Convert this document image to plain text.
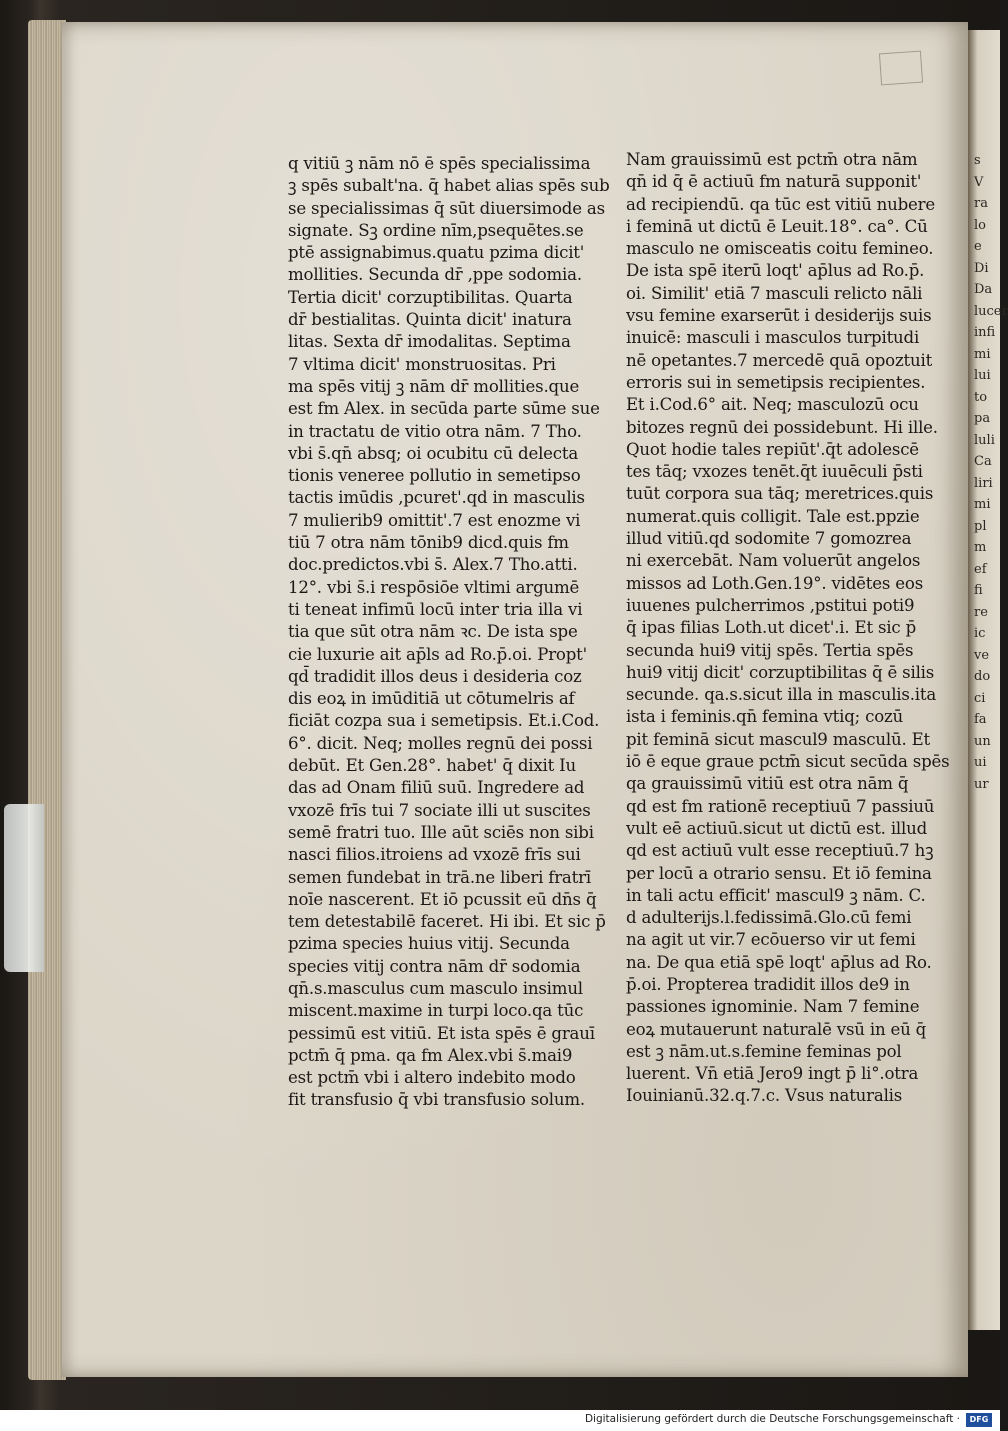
q vitiū ꝫ nām nō ē spēs specialissima
ꝫ spēs subalt'na. q̄ habet alias spēs sub
se specialissimas q̄ sūt diuersimode as
signate. Sꝫ ordine nīm,psequētes.se
ptē assignabimus.quatu pzima dicit'
mollities. Secunda dr̄ ,ppe sodomia.
Tertia dicit' corzuptibilitas. Quarta
dr̄ bestialitas. Quinta dicit' inatura
litas. Sexta dr̄ imodalitas. Septima
7 vltima dicit' monstruositas. Pri
ma spēs vitij ꝫ nām dr̄ mollities.que
est fm Alex. in secūda parte sūme sue
in tractatu de vitio otra nām. 7 Tho.
vbi s̄.qn̄ absq; oi ocubitu cū delecta
tionis veneree pollutio in semetipso
tactis imūdis ,pcuret'.qd in masculis
7 mulierib9 omittit'.7 est enozme vi
tiū 7 otra nām tōnib9 dicd.quis fm
doc.predictos.vbi s̄. Alex.7 Tho.atti.
12°. vbi s̄.i respōsiōe vltimi argumē
ti teneat infimū locū inter tria illa vi
tia que sūt otra nām ꝛc. De ista spe
cie luxurie ait ap̄ls ad Ro.p̄.oi. Propt'
qd̄ tradidit illos deus i desideria coz
dis eoꝝ in imūditiā ut cōtumelris af
ficiāt cozpa sua i semetipsis. Et.i.Cod.
6°. dicit. Neq; molles regnū dei possi
debūt. Et Gen.28°. habet' q̄ dixit Iu
das ad Onam filiū suū. Ingredere ad
vxozē frīs tui 7 sociate illi ut suscites
semē fratri tuo. Ille aūt sciēs non sibi
nasci filios.itroiens ad vxozē frīs sui
semen fundebat in trā.ne liberi fratrī
noīe nascerent. Et iō pcussit eū dn̄s q̄
tem detestabilē faceret. Hi ibi. Et sic p̄
pzima species huius vitij. Secunda
species vitij contra nām dr̄ sodomia
qn̄.s.masculus cum masculo insimul
miscent.maxime in turpi loco.qa tūc
pessimū est vitiū. Et ista spēs ē grauī
pctm̄ q̄ pma. qa fm Alex.vbi s̄.mai9
est pctm̄ vbi i altero indebito modo
fit transfusio q̄ vbi transfusio solum.
Nam grauissimū est pctm̄ otra nām
qn̄ id q̄ ē actiuū fm naturā supponit'
ad recipiendū. qa tūc est vitiū nubere
i feminā ut dictū ē Leuit.18°. ca°. Cū
masculo ne omisceatis coitu femineo.
De ista spē iterū loqt' ap̄lus ad Ro.p̄.
oi. Similit' etiā 7 masculi relicto nāli
vsu femine exarserūt i desiderijs suis
inuicē: masculi i masculos turpitudi
nē opetantes.7 mercedē quā opoztuit
erroris sui in semetipsis recipientes.
Et i.Cod.6° ait. Neq; masculozū ocu
bitozes regnū dei possidebunt. Hi ille.
Quot hodie tales repiūt'.q̄t adolescē
tes tāq; vxozes tenēt.q̄t iuuēculi p̄sti
tuūt corpora sua tāq; meretrices.quis
numerat.quis colligit. Tale est.ppzie
illud vitiū.qd sodomite 7 gomozrea
ni exercebāt. Nam voluerūt angelos
missos ad Loth.Gen.19°. vidētes eos
iuuenes pulcherrimos ,pstitui poti9
q̄ ipas filias Loth.ut dicet'.i. Et sic p̄
secunda hui9 vitij spēs. Tertia spēs
hui9 vitij dicit' corzuptibilitas q̄ ē silis
secunde. qa.s.sicut illa in masculis.ita
ista i feminis.qn̄ femina vtiq; cozū
pit feminā sicut mascul9 masculū. Et
iō ē eque graue pctm̄ sicut secūda spēs
qa grauissimū vitiū est otra nām q̄
qd est fm rationē receptiuū 7 passiuū
vult eē actiuū.sicut ut dictū est. illud
qd est actiuū vult esse receptiuū.7 hꝫ
per locū a otrario sensu. Et iō femina
in tali actu efficit' mascul9 ꝫ nām. C.
d adulterijs.l.fedissimā.Glo.cū femi
na agit ut vir.7 ecōuerso vir ut femi
na. De qua etiā spē loqt' ap̄lus ad Ro.
p̄.oi. Propterea tradidit illos de9 in
passiones ignominie. Nam 7 femine
eoꝝ mutauerunt naturalē vsū in eū q̄
est ꝫ nām.ut.s.femine feminas pol
luerent. Vn̄ etiā Jero9 ingt p̄ li°.otra
Iouinianū.32.q.7.c. Vsus naturalis
s
V
ra
lo
e
Di
Da
lucer
infi
mi
lui
to
pa
luli
Ca
liri
mi
pl
m
ef
fi
re
ic
ve
do
ci
fa
un
ui
ur
Digitalisierung gefördert durch die Deutsche Forschungsgemeinschaft ·	DFG
